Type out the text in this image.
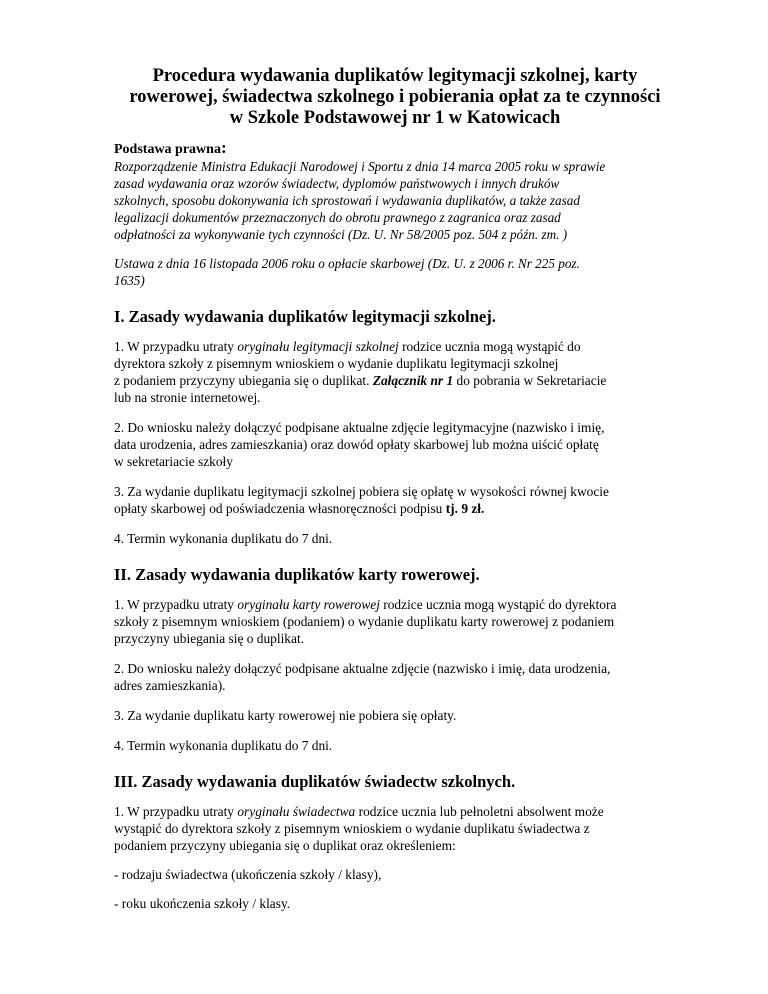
Procedura wydawania duplikatów legitymacji szkolnej, karty
rowerowej, świadectwa szkolnego i pobierania opłat za te czynności
w Szkole Podstawowej nr 1 w Katowicach
Podstawa prawna:

Rozporządzenie Ministra Edukacji Narodowej i Sportu z dnia 14 marca 2005 roku w sprawie
zasad wydawania oraz wzorów świadectw, dyplomów państwowych i innych druków
szkolnych, sposobu dokonywania ich sprostowań i wydawania duplikatów, a także zasad
legalizacji dokumentów przeznaczonych do obrotu prawnego z zagranica oraz zasad
odpłatności za wykonywanie tych czynności (Dz. U. Nr 58/2005 poz. 504 z późn. zm. )

Ustawa z dnia 16 listopada 2006 roku o opłacie skarbowej (Dz. U. z 2006 r. Nr 225 poz.
1635)

I. Zasady wydawania duplikatów legitymacji szkolnej.
1. W przypadku utraty oryginału legitymacji szkolnej rodzice ucznia mogą wystąpić do
dyrektora szkoły z pisemnym wnioskiem o wydanie duplikatu legitymacji szkolnej
z podaniem przyczyny ubiegania się o duplikat. Załącznik nr 1 do pobrania w Sekretariacie
lub na stronie internetowej.
2. Do wniosku należy dołączyć podpisane aktualne zdjęcie legitymacyjne (nazwisko i imię,
data urodzenia, adres zamieszkania) oraz dowód opłaty skarbowej lub można uiścić opłatę
w sekretariacie szkoły
3. Za wydanie duplikatu legitymacji szkolnej pobiera się opłatę w wysokości równej kwocie
opłaty skarbowej od poświadczenia własnoręczności podpisu tj. 9 zł.
4. Termin wykonania duplikatu do 7 dni.
II. Zasady wydawania duplikatów karty rowerowej.
1. W przypadku utraty oryginału karty rowerowej rodzice ucznia mogą wystąpić do dyrektora
szkoły z pisemnym wnioskiem (podaniem) o wydanie duplikatu karty rowerowej z podaniem
przyczyny ubiegania się o duplikat.
2. Do wniosku należy dołączyć podpisane aktualne zdjęcie (nazwisko i imię, data urodzenia,
adres zamieszkania).
3. Za wydanie duplikatu karty rowerowej nie pobiera się opłaty.
4. Termin wykonania duplikatu do 7 dni.
III. Zasady wydawania duplikatów świadectw szkolnych.
1. W przypadku utraty oryginału świadectwa rodzice ucznia lub pełnoletni absolwent może
wystąpić do dyrektora szkoły z pisemnym wnioskiem o wydanie duplikatu świadectwa z
podaniem przyczyny ubiegania się o duplikat oraz określeniem:
- rodzaju świadectwa (ukończenia szkoły / klasy),
- roku ukończenia szkoły / klasy.
